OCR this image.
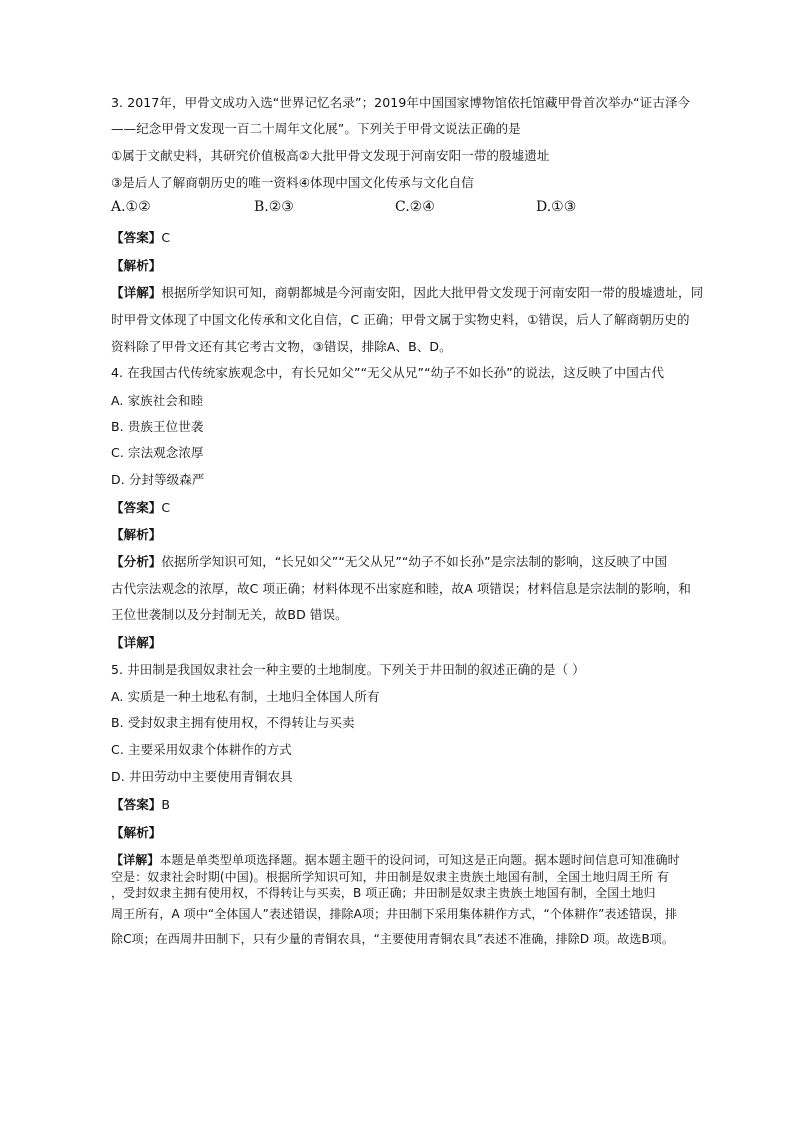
3. 2017年，甲骨文成功入选“世界记忆名录”；2019年中国国家博物馆依托馆藏甲骨首次举办“证古泽今
——纪念甲骨文发现一百二十周年文化展”。下列关于甲骨文说法正确的是
①属于文献史料，其研究价值极高②大批甲骨文发现于河南安阳一带的殷墟遗址
③是后人了解商朝历史的唯一资料④体现中国文化传承与文化自信
A.①②	B.②③	C.②④	D.①③
【答案】C
【解析】
【详解】根据所学知识可知，商朝都城是今河南安阳，因此大批甲骨文发现于河南安阳一带的殷墟遗址，同
时甲骨文体现了中国文化传承和文化自信，C 正确；甲骨文属于实物史料，①错误，后人了解商朝历史的
资料除了甲骨文还有其它考古文物，③错误，排除A、B、D。
4. 在我国古代传统家族观念中，有长兄如父”“无父从兄”“幼子不如长孙”的说法，这反映了中国古代
A. 家族社会和睦
B. 贵族王位世袭
C. 宗法观念浓厚
D. 分封等级森严
【答案】C
【解析】
【分析】依据所学知识可知，“长兄如父”“无父从兄”“幼子不如长孙”是宗法制的影响，这反映了中国
古代宗法观念的浓厚，故C 项正确；材料体现不出家庭和睦，故A 项错误；材料信息是宗法制的影响，和
王位世袭制以及分封制无关，故BD 错误。
【详解】
5. 井田制是我国奴隶社会一种主要的土地制度。下列关于井田制的叙述正确的是（ ）
A. 实质是一种土地私有制，土地归全体国人所有
B. 受封奴隶主拥有使用权，不得转让与买卖
C. 主要采用奴隶个体耕作的方式
D. 井田劳动中主要使用青铜农具
【答案】B
【解析】
【详解】本题是单类型单项选择题。据本题主题干的设问词，可知这是正向题。据本题时间信息可知准确时
空是：奴隶社会时期(中国)。根据所学知识可知，井田制是奴隶主贵族土地国有制，全国土地归周王所 有
，受封奴隶主拥有使用权，不得转让与买卖，B 项正确；井田制是奴隶主贵族土地国有制，全国土地归
周王所有，A 项中“全体国人”表述错误，排除A项；井田制下采用集体耕作方式，“个体耕作”表述错误，排
除C项；在西周井田制下，只有少量的青铜农具，“主要使用青铜农具”表述不准确，排除D 项。故选B项。
